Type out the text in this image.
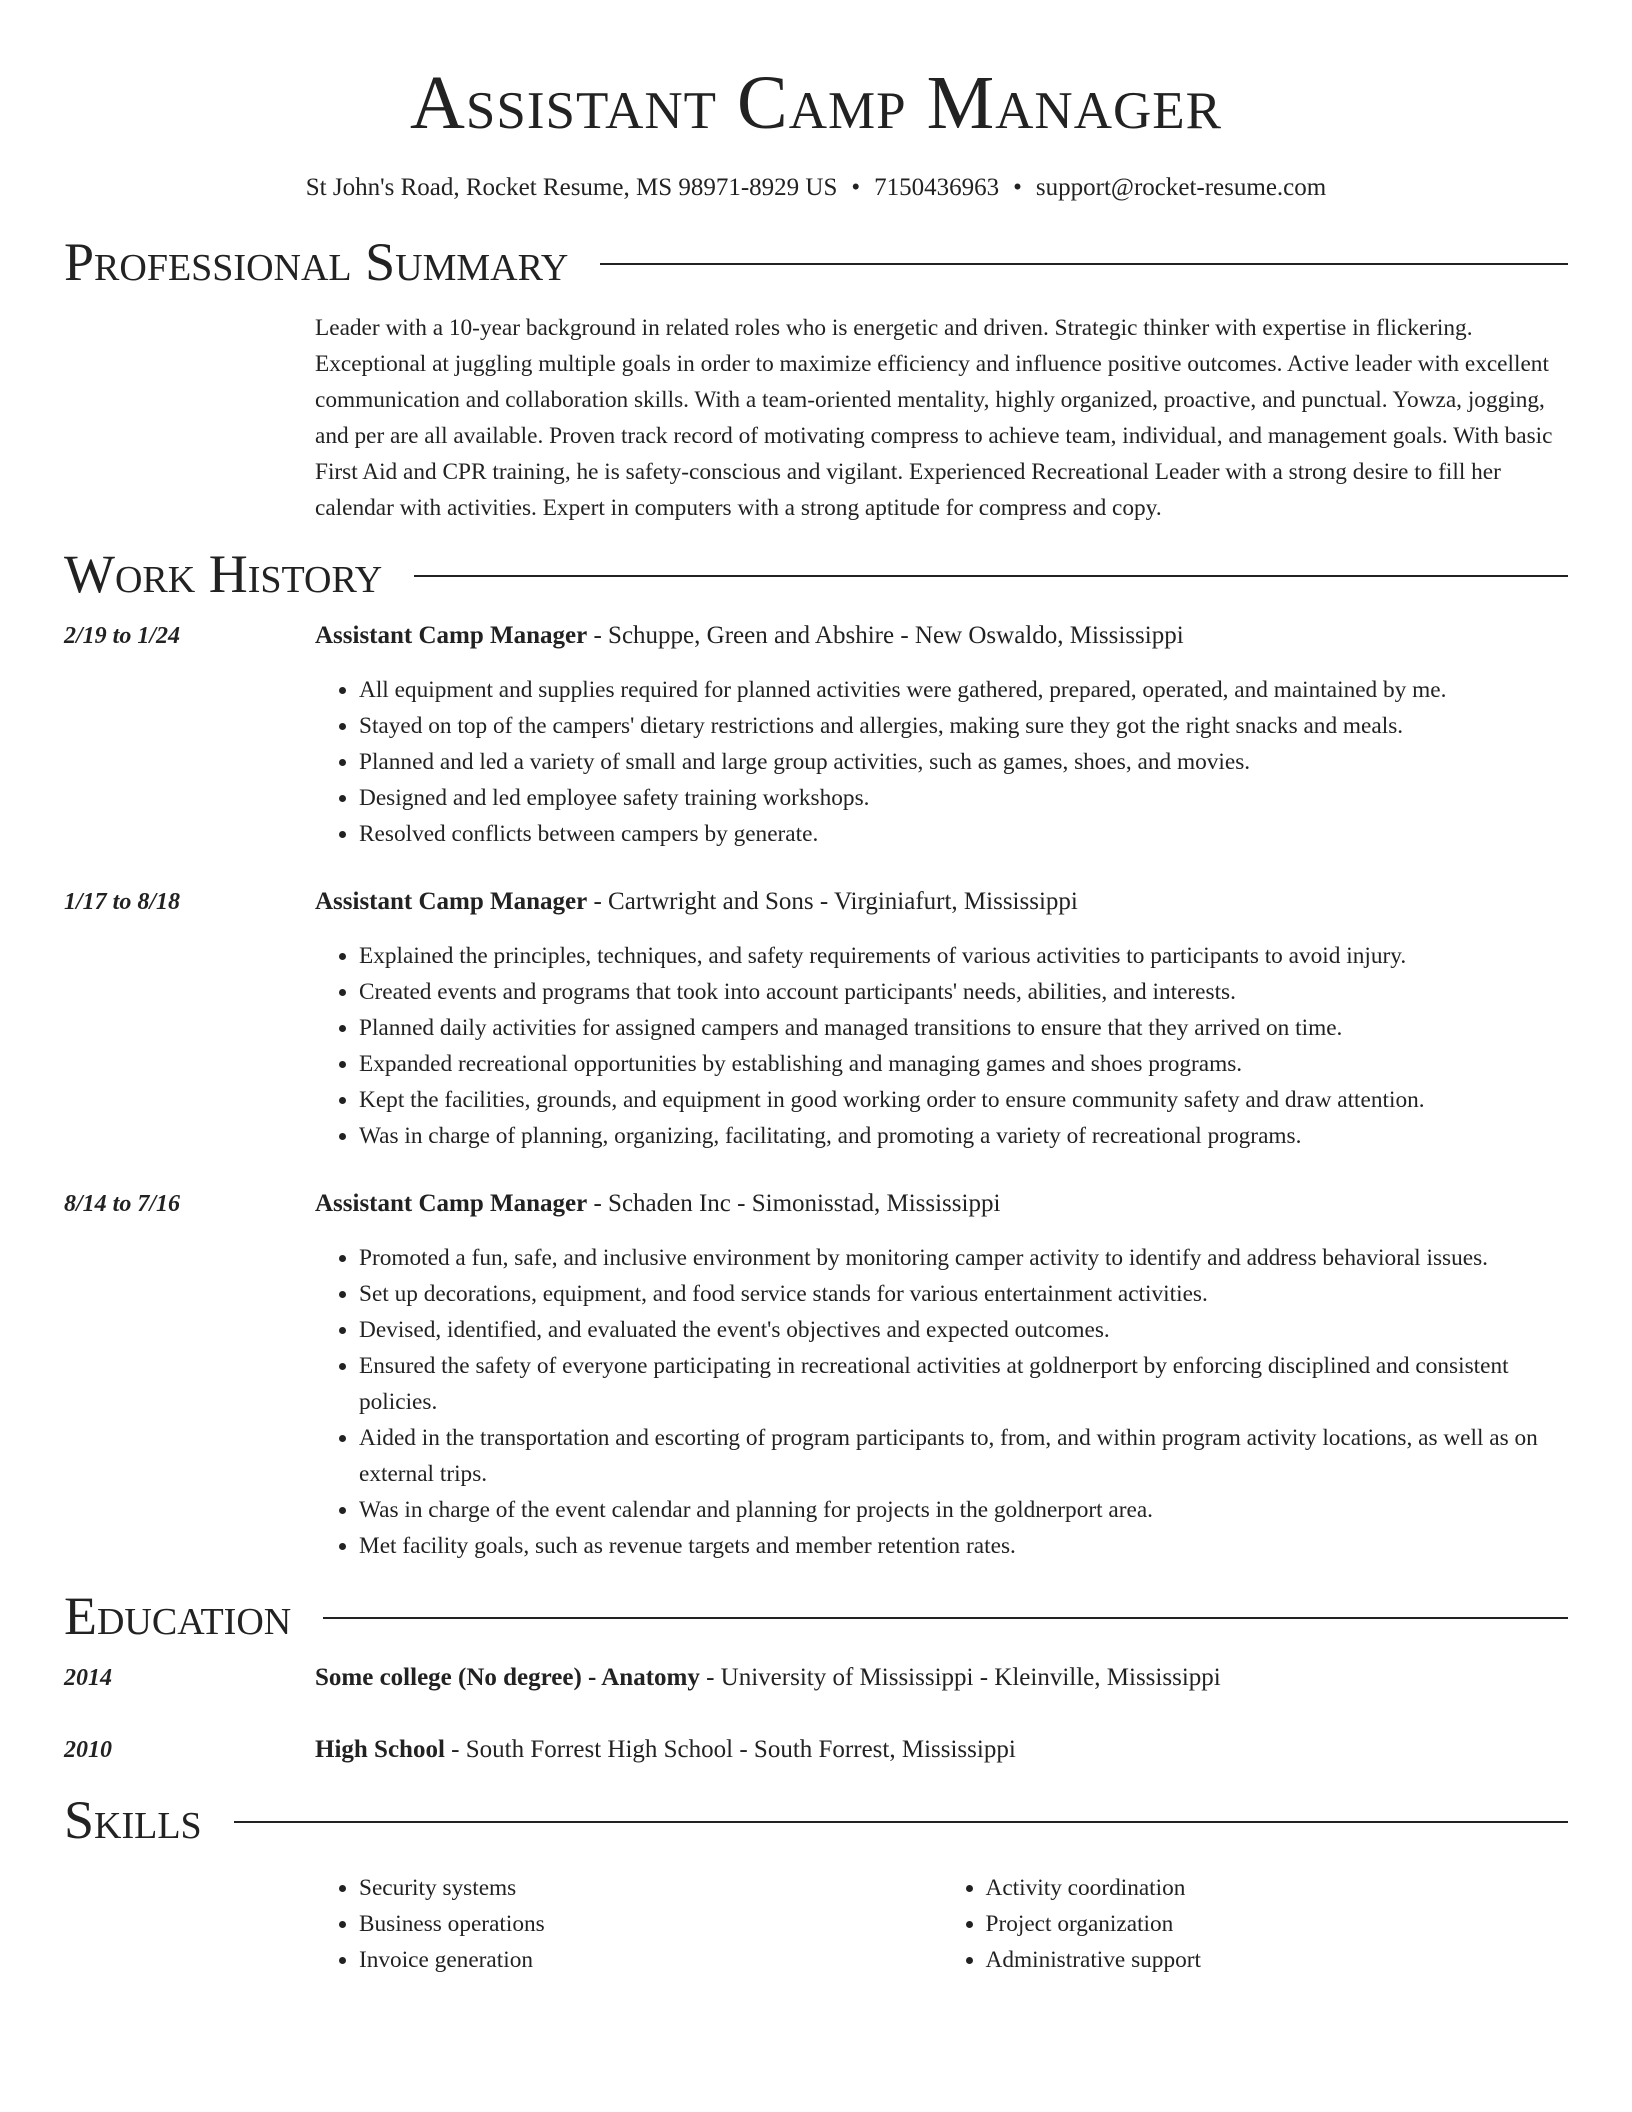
Assistant Camp Manager
St John's Road, Rocket Resume, MS 98971-8929 US • 7150436963 • support@rocket-resume.com
Professional Summary
Leader with a 10-year background in related roles who is energetic and driven. Strategic thinker with expertise in flickering. Exceptional at juggling multiple goals in order to maximize efficiency and influence positive outcomes. Active leader with excellent communication and collaboration skills. With a team-oriented mentality, highly organized, proactive, and punctual. Yowza, jogging, and per are all available. Proven track record of motivating compress to achieve team, individual, and management goals. With basic First Aid and CPR training, he is safety-conscious and vigilant. Experienced Recreational Leader with a strong desire to fill her calendar with activities. Expert in computers with a strong aptitude for compress and copy.
Work History
2/19 to 1/24	Assistant Camp Manager - Schuppe, Green and Abshire - New Oswaldo, Mississippi
• All equipment and supplies required for planned activities were gathered, prepared, operated, and maintained by me.
• Stayed on top of the campers' dietary restrictions and allergies, making sure they got the right snacks and meals.
• Planned and led a variety of small and large group activities, such as games, shoes, and movies.
• Designed and led employee safety training workshops.
• Resolved conflicts between campers by generate.
1/17 to 8/18	Assistant Camp Manager - Cartwright and Sons - Virginiafurt, Mississippi
• Explained the principles, techniques, and safety requirements of various activities to participants to avoid injury.
• Created events and programs that took into account participants' needs, abilities, and interests.
• Planned daily activities for assigned campers and managed transitions to ensure that they arrived on time.
• Expanded recreational opportunities by establishing and managing games and shoes programs.
• Kept the facilities, grounds, and equipment in good working order to ensure community safety and draw attention.
• Was in charge of planning, organizing, facilitating, and promoting a variety of recreational programs.
8/14 to 7/16	Assistant Camp Manager - Schaden Inc - Simonisstad, Mississippi
• Promoted a fun, safe, and inclusive environment by monitoring camper activity to identify and address behavioral issues.
• Set up decorations, equipment, and food service stands for various entertainment activities.
• Devised, identified, and evaluated the event's objectives and expected outcomes.
• Ensured the safety of everyone participating in recreational activities at goldnerport by enforcing disciplined and consistent policies.
• Aided in the transportation and escorting of program participants to, from, and within program activity locations, as well as on external trips.
• Was in charge of the event calendar and planning for projects in the goldnerport area.
• Met facility goals, such as revenue targets and member retention rates.
Education
2014	Some college (No degree) - Anatomy - University of Mississippi - Kleinville, Mississippi
2010	High School - South Forrest High School - South Forrest, Mississippi
Skills
• Security systems
• Business operations
• Invoice generation
• Activity coordination
• Project organization
• Administrative support
